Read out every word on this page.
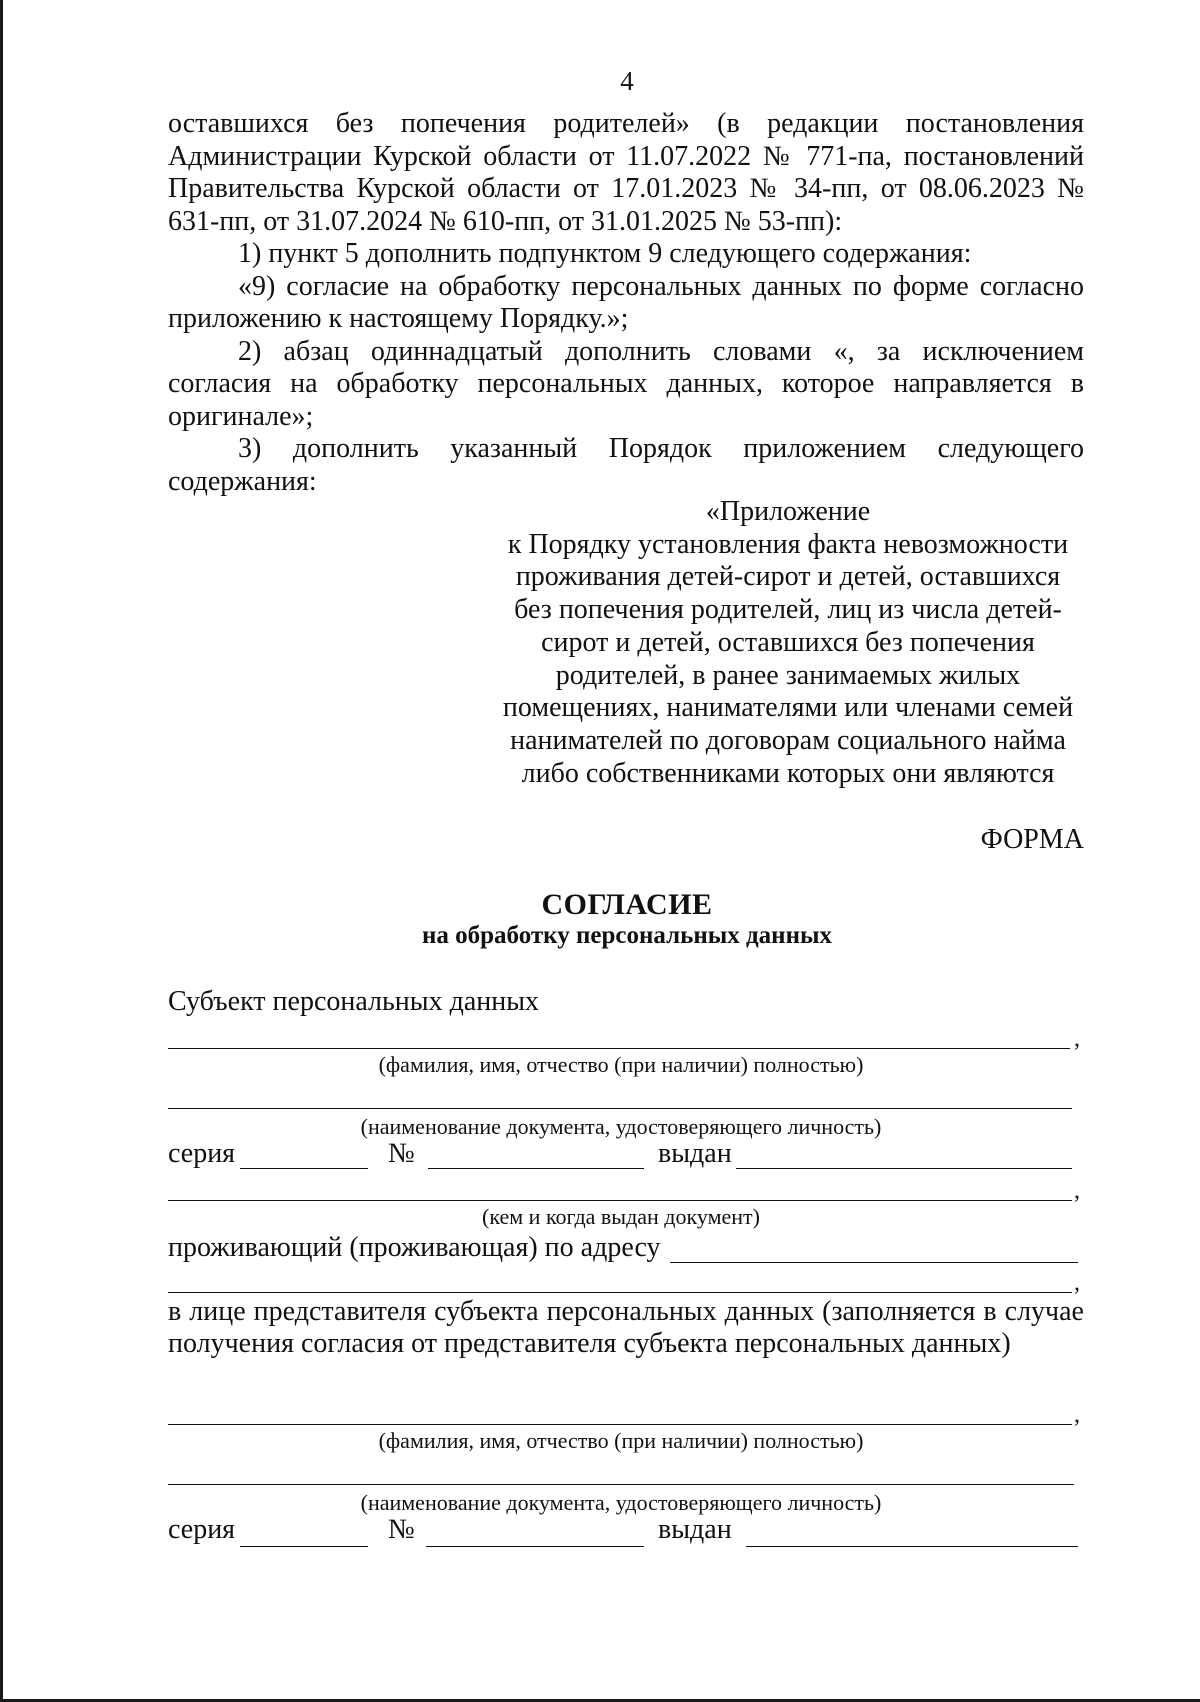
4

оставшихся без попечения родителей» (в редакции постановления Администрации Курской области от 11.07.2022 № 771-па, постановлений Правительства Курской области от 17.01.2023 № 34-пп, от 08.06.2023 № 631-пп, от 31.07.2024 № 610-пп, от 31.01.2025 № 53-пп):

1) пункт 5 дополнить подпунктом 9 следующего содержания:

«9) согласие на обработку персональных данных по форме согласно приложению к настоящему Порядку.»;

2) абзац одиннадцатый дополнить словами «, за исключением согласия на обработку персональных данных, которое направляется в оригинале»;

3) дополнить указанный Порядок приложением следующего содержания:

«Приложение
к Порядку установления факта невозможности
проживания детей-сирот и детей, оставшихся
без попечения родителей, лиц из числа детей-
сирот и детей, оставшихся без попечения
родителей, в ранее занимаемых жилых
помещениях, нанимателями или членами семей
нанимателей по договорам социального найма
либо собственниками которых они являются
ФОРМА
СОГЛАСИЕ
на обработку персональных данных
Субъект персональных данных
,
(фамилия, имя, отчество (при наличии) полностью)
(наименование документа, удостоверяющего личность)
серия	№	выдан
,
(кем и когда выдан документ)
проживающий (проживающая) по адресу
,
в лице представителя субъекта персональных данных (заполняется в случае получения согласия от представителя субъекта персональных данных)
,
(фамилия, имя, отчество (при наличии) полностью)
(наименование документа, удостоверяющего личность)
серия	№	выдан
